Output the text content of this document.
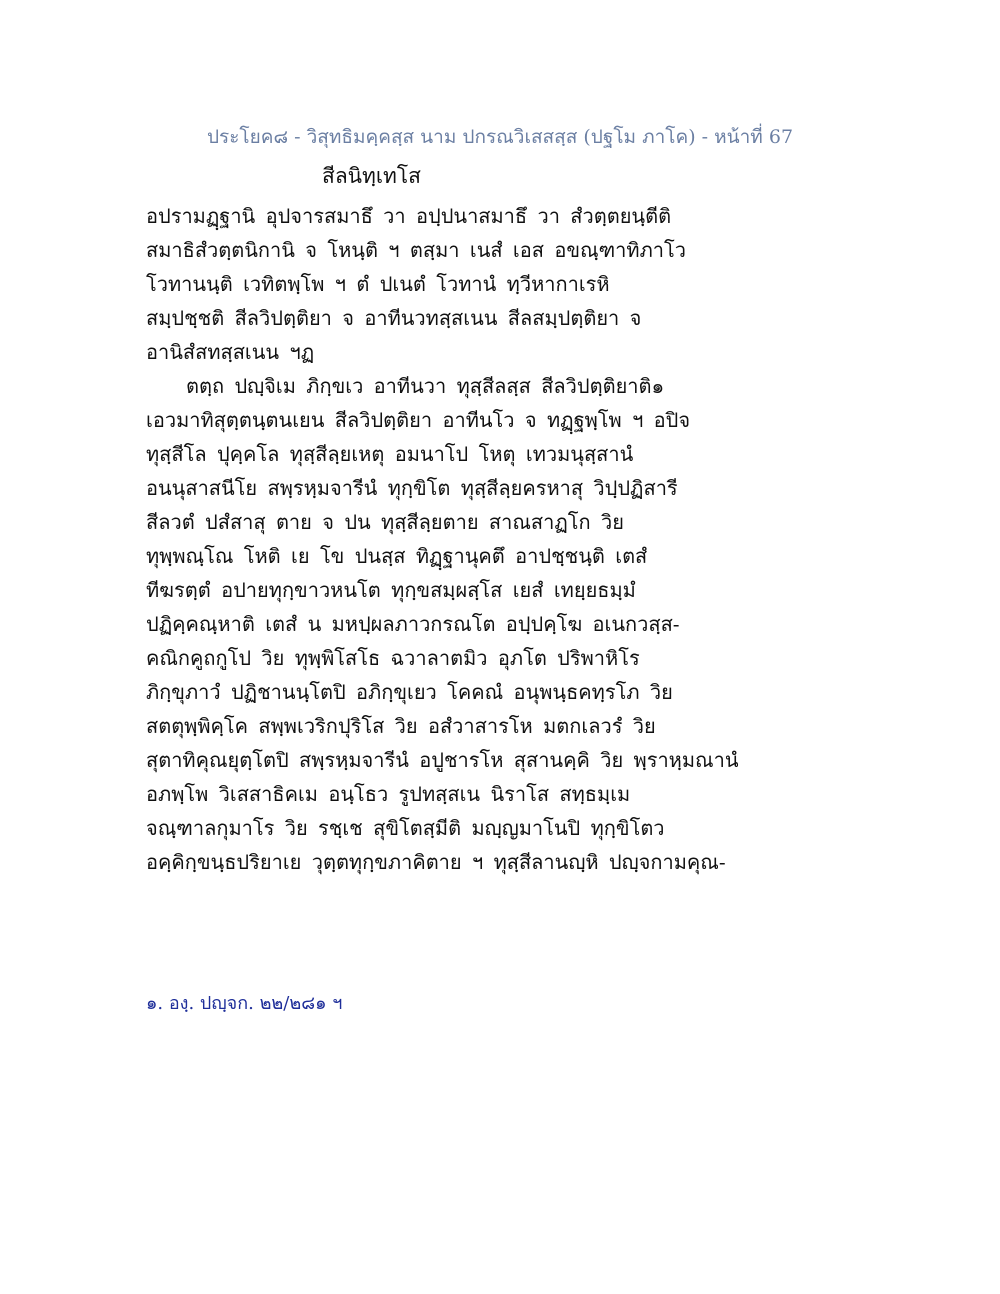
ประโยค๘ - วิสุทธิมคฺคสฺส นาม ปกรณวิเสสสฺส (ปฐโม ภาโค) - หน้าที่ 67
สีลนิทฺเทโส
อปรามฏฺฐานิ อุปจารสมาธึ วา อปฺปนาสมาธึ วา สํวตฺตยนฺตีติ
สมาธิสํวตฺตนิกานิ จ โหนฺติ ฯ ตสฺมา เนสํ เอส อขณฺฑาทิภาโว
โวทานนฺติ เวทิตพฺโพ ฯ ตํ ปเนตํ โวทานํ ทฺวีหากาเรหิ
สมฺปชฺชติ สีลวิปตฺติยา จ อาทีนวทสฺสเนน สีลสมฺปตฺติยา จ
อานิสํสทสฺสเนน ฯฏ
ตตฺถ ปญฺจิเม ภิกฺขเว อาทีนวา ทุสฺสีลสฺส สีลวิปตฺติยาติ๑
เอวมาทิสุตฺตนฺตนเยน สีลวิปตฺติยา อาทีนโว จ ทฏฺฐพฺโพ ฯ อปิจ
ทุสฺสีโล ปุคฺคโล ทุสฺสีลฺยเหตุ อมนาโป โหตุ เทวมนุสฺสานํ
อนนุสาสนีโย สพฺรหฺมจารีนํ ทุกฺขิโต ทุสฺสีลฺยครหาสุ วิปฺปฏิสารี
สีลวตํ ปสํสาสุ ตาย จ ปน ทุสฺสีลฺยตาย สาณสาฏโก วิย
ทุพฺพณฺโณ โหติ เย โข ปนสฺส ทิฏฺฐานุคตึ อาปชฺชนฺติ เตสํ
ทีฆรตฺตํ อปายทุกฺขาวหนโต ทุกฺขสมฺผสฺโส เยสํ เทยฺยธมฺมํ
ปฏิคฺคณฺหาติ เตสํ น มหปฺผลภาวกรณโต อปฺปคฺโฆ อเนกวสฺส-
คณิกคูถกูโป วิย ทุพฺพิโสโธ ฉวาลาตมิว อุภโต ปริพาหิโร
ภิกฺขุภาวํ ปฏิชานนฺโตปิ อภิกฺขุเยว โคคณํ อนุพนฺธคทฺรโภ วิย
สตตุพฺพิคฺโค สพฺพเวริกปุริโส วิย อสํวาสารโห มตกเลวรํ วิย
สุตาทิคุณยุตฺโตปิ สพฺรหฺมจารีนํ อปูชารโห สุสานคฺคิ วิย พฺราหฺมณานํ
อภพฺโพ วิเสสาธิคเม อนฺโธว รูปทสฺสเน นิราโส สทฺธมฺเม
จณฺฑาลกุมาโร วิย รชฺเช สุขิโตสฺมีติ มญฺญมาโนปิ ทุกฺขิโตว
อคฺคิกฺขนฺธปริยาเย วุตฺตทุกฺขภาคิตาย ฯ ทุสฺสีลานญฺหิ ปญฺจกามคุณ-
๑. องฺ. ปญฺจก. ๒๒/๒๘๑ ฯ
